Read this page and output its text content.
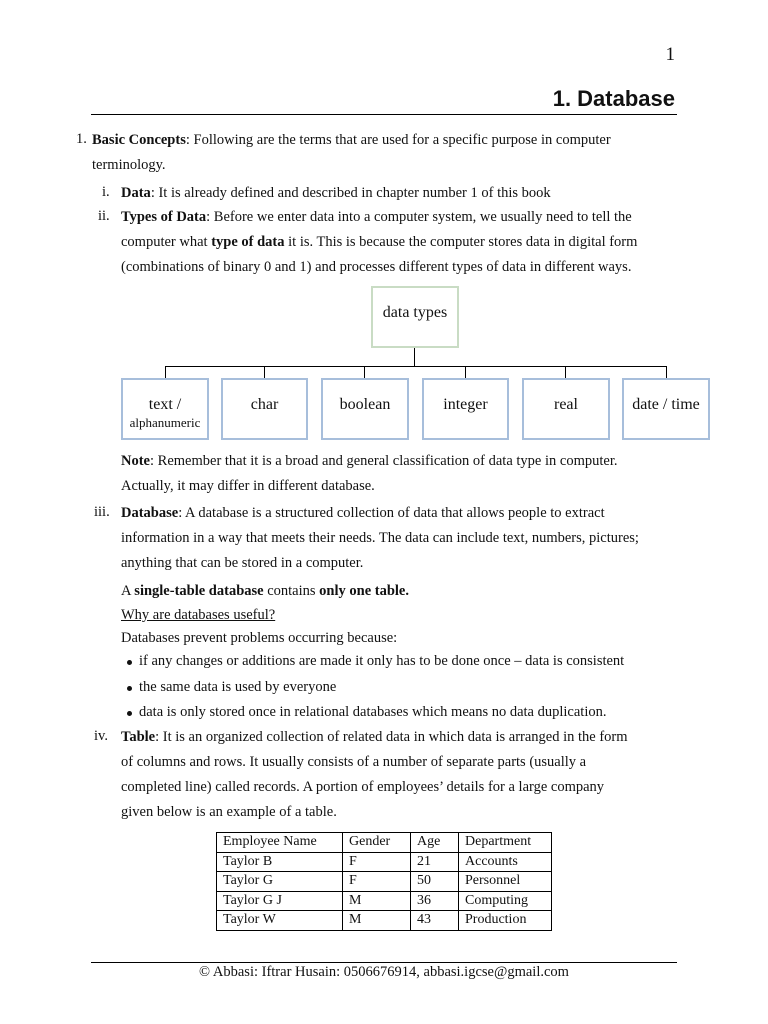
1
1. Database
1. Basic Concepts: Following are the terms that are used for a specific purpose in computer
terminology.
i. Data: It is already defined and described in chapter number 1 of this book
ii. Types of Data: Before we enter data into a computer system, we usually need to tell the
computer what type of data it is. This is because the computer stores data in digital form
(combinations of binary 0 and 1) and processes different types of data in different ways.
data types
text /
alphanumeric
char	boolean	integer	real	date / time
Note: Remember that it is a broad and general classification of data type in computer.
Actually, it may differ in different database.
iii. Database: A database is a structured collection of data that allows people to extract
information in a way that meets their needs. The data can include text, numbers, pictures;
anything that can be stored in a computer.
A single-table database contains only one table.
Why are databases useful?
Databases prevent problems occurring because:
if any changes or additions are made it only has to be done once – data is consistent
the same data is used by everyone
data is only stored once in relational databases which means no data duplication.
iv. Table: It is an organized collection of related data in which data is arranged in the form
of columns and rows. It usually consists of a number of separate parts (usually a
completed line) called records. A portion of employees’ details for a large company
given below is an example of a table.
Employee Name	Gender	Age	Department
Taylor B	F	21	Accounts
Taylor G	F	50	Personnel
Taylor G J	M	36	Computing
Taylor W	M	43	Production
© Abbasi: Iftrar Husain: 0506676914, abbasi.igcse@gmail.com
